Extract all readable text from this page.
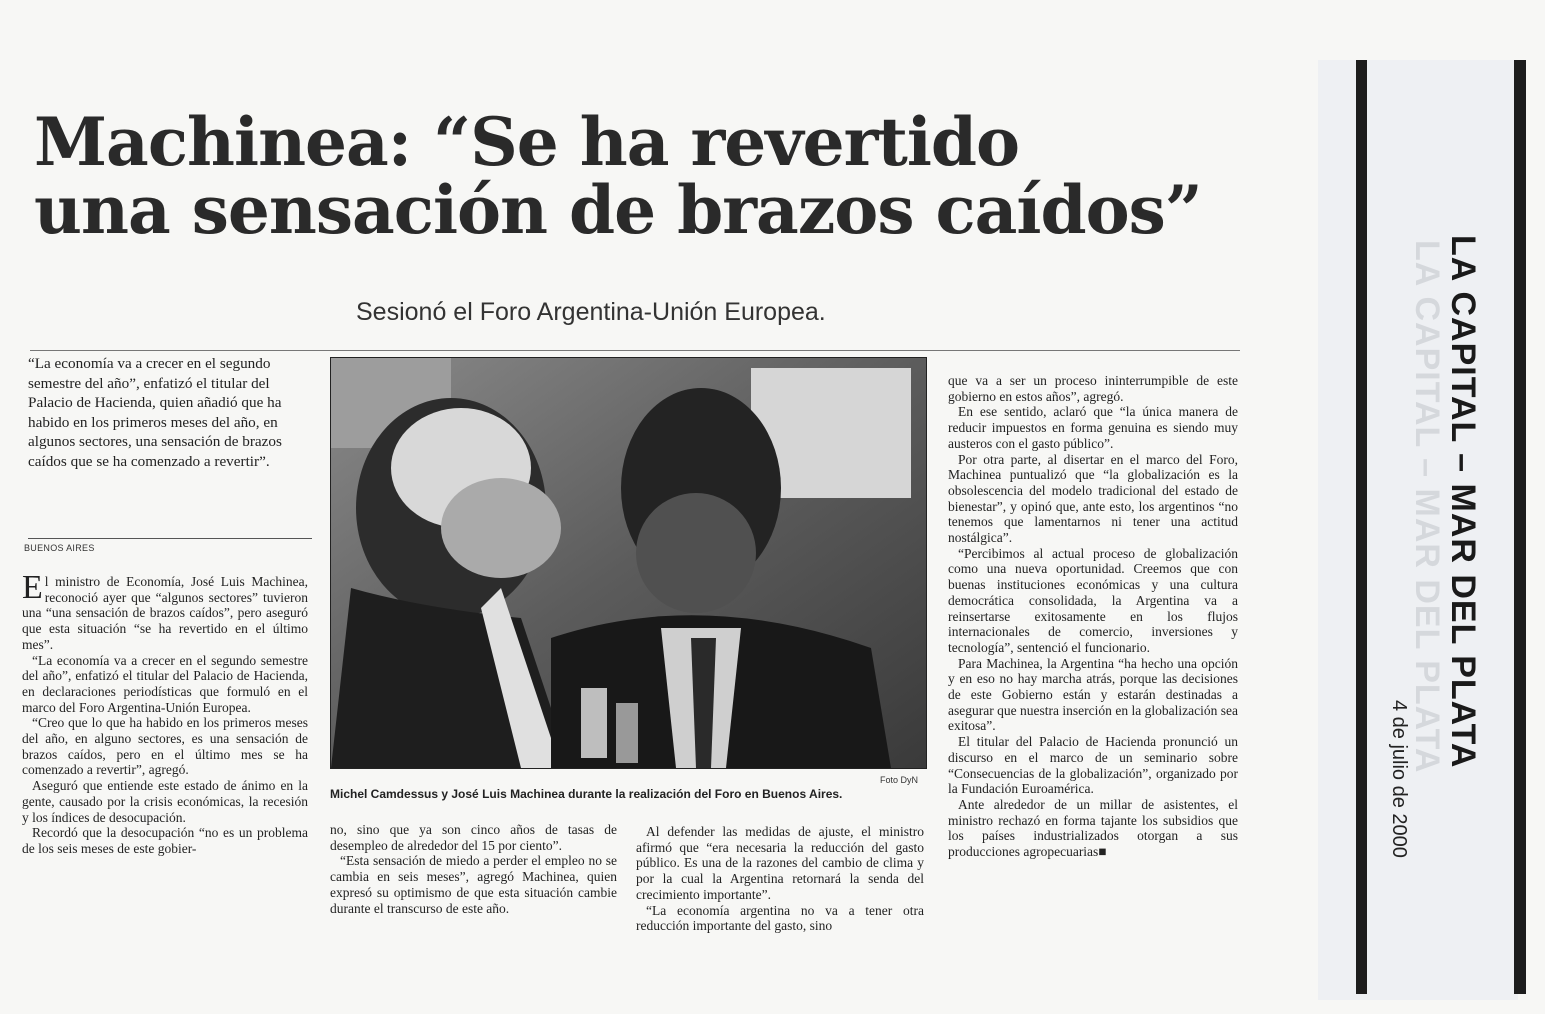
Machinea: “Se ha revertido
una sensación de brazos caídos”
Sesionó el Foro Argentina-Unión Europea.
“La economía va a crecer en el segundo semestre del año”, enfatizó el titular del Palacio de Hacienda, quien añadió que ha habido en los primeros meses del año, en algunos sectores, una sensación de brazos caídos que se ha comenzado a revertir”.
BUENOS AIRES

El ministro de Economía, José Luis Machinea, reconoció ayer que “algunos sectores” tuvieron una “una sensación de brazos caídos”, pero aseguró que esta situación “se ha revertido en el último mes”.

“La economía va a crecer en el segundo semestre del año”, enfatizó el titular del Palacio de Hacienda, en declaraciones periodísticas que formuló en el marco del Foro Argentina-Unión Europea.

“Creo que lo que ha habido en los primeros meses del año, en alguno sectores, es una sensación de brazos caídos, pero en el último mes se ha comenzado a revertir”, agregó.

Aseguró que entiende este estado de ánimo en la gente, causado por la crisis económicas, la recesión y los índices de desocupación.

Recordó que la desocupación “no es un problema de los seis meses de este gobier-

Foto DyN
Michel Camdessus y José Luis Machinea durante la realización del Foro en Buenos Aires.

no, sino que ya son cinco años de tasas de desempleo de alrededor del 15 por ciento”.

“Esta sensación de miedo a perder el empleo no se cambia en seis meses”, agregó Machinea, quien expresó su optimismo de que esta situación cambie durante el transcurso de este año.

Al defender las medidas de ajuste, el ministro afirmó que “era necesaria la reducción del gasto público. Es una de la razones del cambio de clima y por la cual la Argentina retornará la senda del crecimiento importante”.

“La economía argentina no va a tener otra reducción importante del gasto, sino

que va a ser un proceso ininterrumpible de este gobierno en estos años”, agregó.

En ese sentido, aclaró que “la única manera de reducir impuestos en forma genuina es siendo muy austeros con el gasto público”.

Por otra parte, al disertar en el marco del Foro, Machinea puntualizó que “la globalización es la obsolescencia del modelo tradicional del estado de bienestar”, y opinó que, ante esto, los argentinos “no tenemos que lamentarnos ni tener una actitud nostálgica”.

“Percibimos al actual proceso de globalización como una nueva oportunidad. Creemos que con buenas instituciones económicas y una cultura democrática consolidada, la Argentina va a reinsertarse exitosamente en los flujos internacionales de comercio, inversiones y tecnología”, sentenció el funcionario.

Para Machinea, la Argentina “ha hecho una opción y en eso no hay marcha atrás, porque las decisiones de este Gobierno están y estarán destinadas a asegurar que nuestra inserción en la globalización sea exitosa”.

El titular del Palacio de Hacienda pronunció un discurso en el marco de un seminario sobre “Consecuencias de la globalización”, organizado por la Fundación Euroamérica.

Ante alrededor de un millar de asistentes, el ministro rechazó en forma tajante los subsidios que los países industrializados otorgan a sus producciones agropecuarias■

LA CAPITAL – MAR DEL PLATA
LA CAPITAL – MAR DEL PLATA
4 de julio de 2000
